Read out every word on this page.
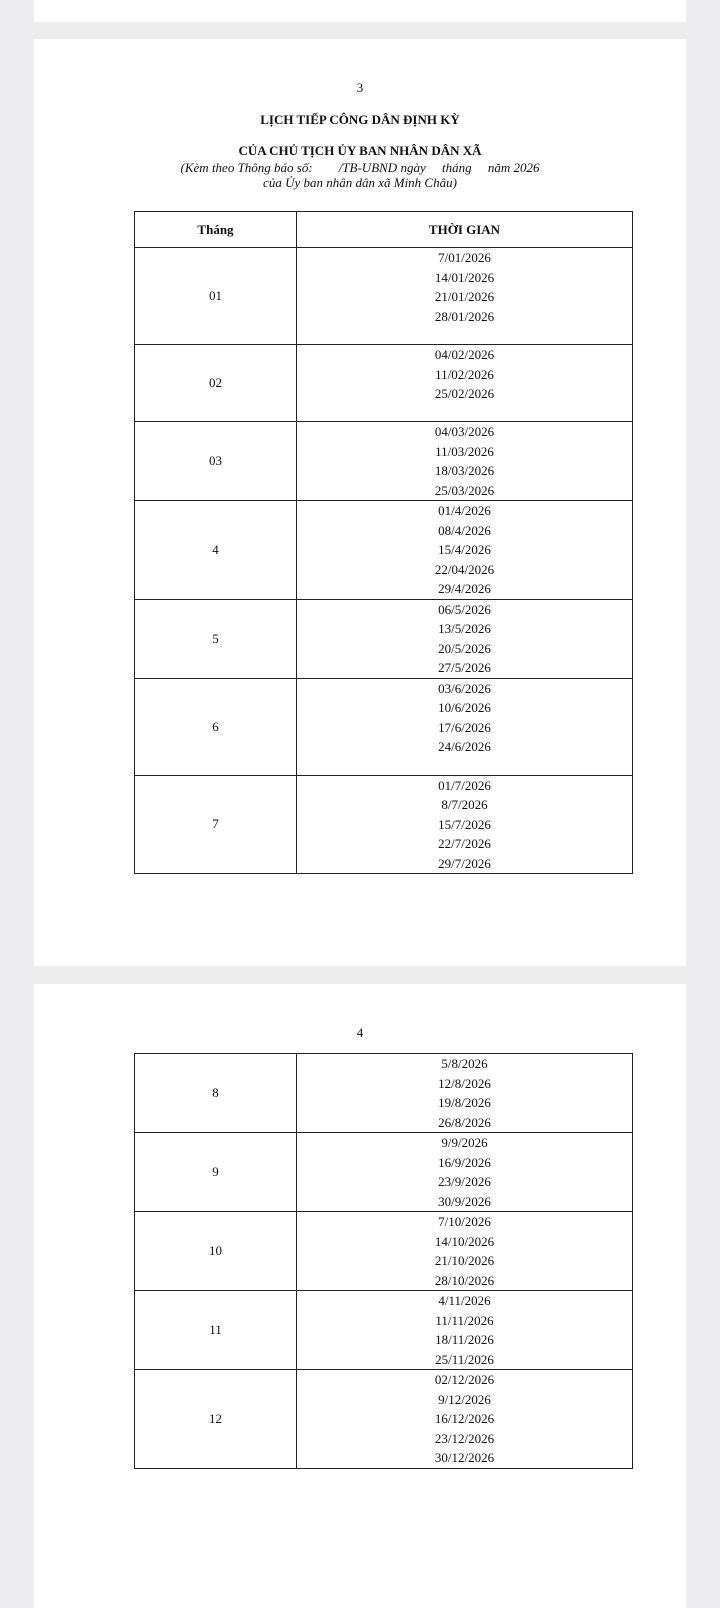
3
LỊCH TIẾP CÔNG DÂN ĐỊNH KỲ
CỦA CHỦ TỊCH ỦY BAN NHÂN DÂN XÃ
(Kèm theo Thông báo số:        /TB-UBND ngày     tháng     năm 2026
của Ủy ban nhân dân xã Minh Châu)
Tháng	THỜI GIAN
01	7/01/2026
14/01/2026
21/01/2026
28/01/2026

02	04/02/2026
11/02/2026
25/02/2026

03	04/03/2026
11/03/2026
18/03/2026
25/03/2026

4	01/4/2026
08/4/2026
15/4/2026
22/04/2026
29/4/2026

5	06/5/2026
13/5/2026
20/5/2026
27/5/2026

6	03/6/2026
10/6/2026
17/6/2026
24/6/2026

7	01/7/2026
8/7/2026
15/7/2026
22/7/2026
29/7/2026
4
8	5/8/2026
12/8/2026
19/8/2026
26/8/2026

9	9/9/2026
16/9/2026
23/9/2026
30/9/2026

10	7/10/2026
14/10/2026
21/10/2026
28/10/2026

11	4/11/2026
11/11/2026
18/11/2026
25/11/2026

12	02/12/2026
9/12/2026
16/12/2026
23/12/2026
30/12/2026
